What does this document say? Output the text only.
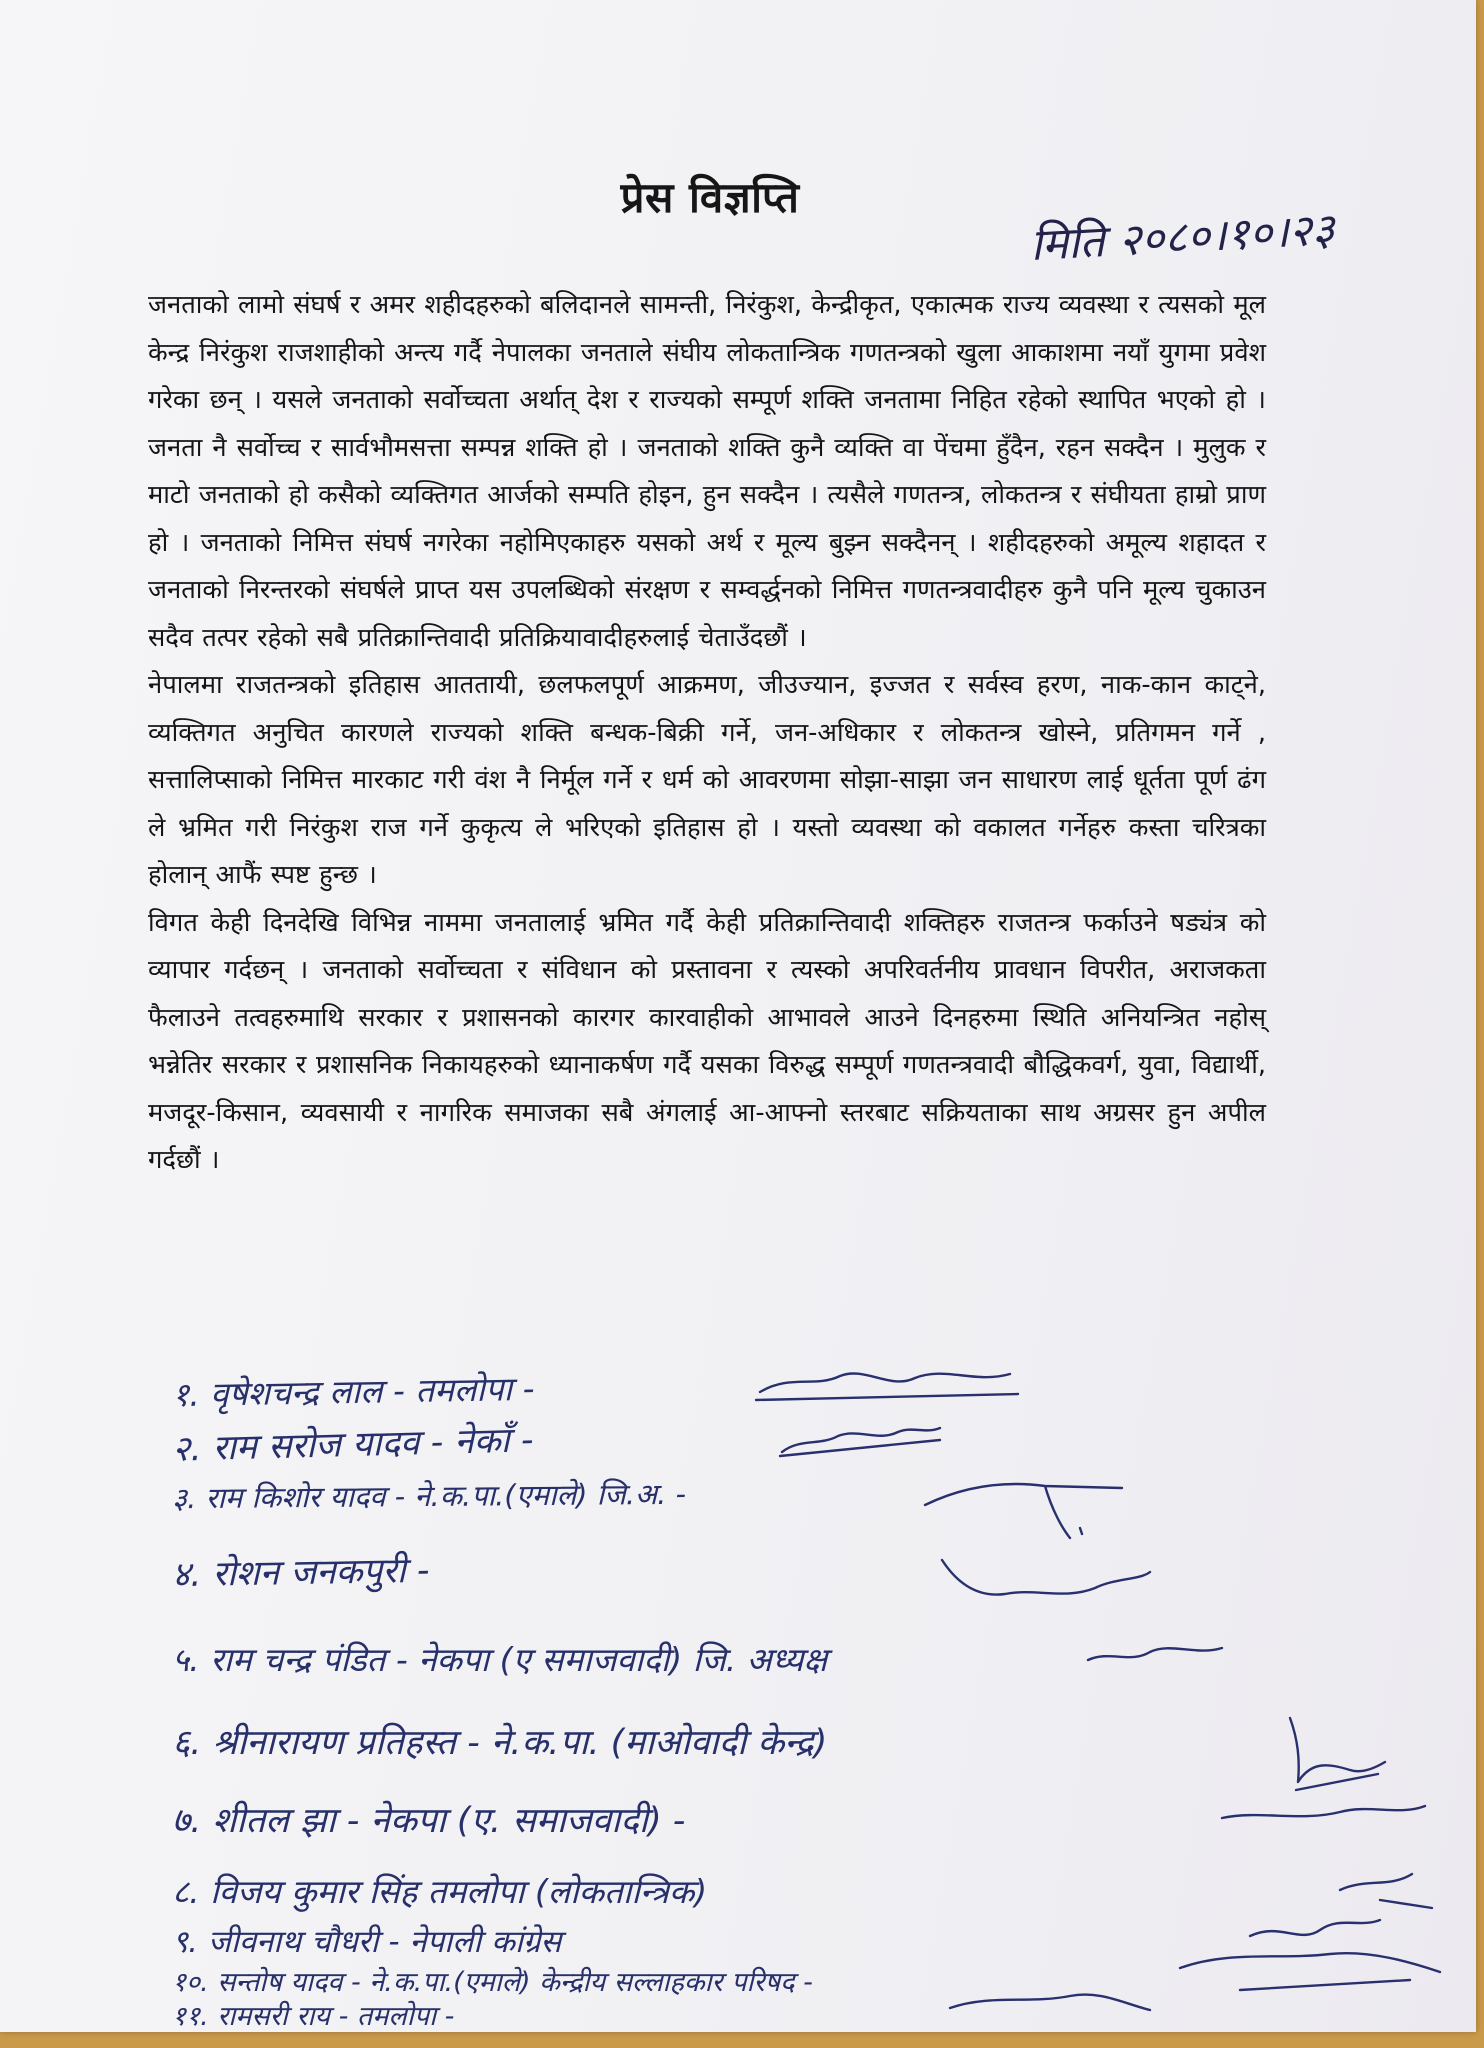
प्रेस विज्ञप्ति
मिति २०८०।१०।२३

जनताको लामो संघर्ष र अमर शहीदहरुको बलिदानले सामन्ती, निरंकुश, केन्द्रीकृत, एकात्मक राज्य व्यवस्था र त्यसको मूल केन्द्र निरंकुश राजशाहीको अन्त्य गर्दै नेपालका जनताले संघीय लोकतान्त्रिक गणतन्त्रको खुला आकाशमा नयाँ युगमा प्रवेश गरेका छन् । यसले जनताको सर्वोच्चता अर्थात् देश र राज्यको सम्पूर्ण शक्ति जनतामा निहित रहेको स्थापित भएको हो । जनता नै सर्वोच्च र सार्वभौमसत्ता सम्पन्न शक्ति हो । जनताको शक्ति कुनै व्यक्ति वा पेंचमा हुँदैन, रहन सक्दैन । मुलुक र माटो जनताको हो कसैको व्यक्तिगत आर्जको सम्पति होइन, हुन सक्दैन । त्यसैले गणतन्त्र, लोकतन्त्र र संघीयता हाम्रो प्राण हो । जनताको निमित्त संघर्ष नगरेका नहोमिएकाहरु यसको अर्थ र मूल्य बुझ्न सक्दैनन् । शहीदहरुको अमूल्य शहादत र जनताको निरन्तरको संघर्षले प्राप्त यस उपलब्धिको संरक्षण र सम्वर्द्धनको निमित्त गणतन्त्रवादीहरु कुनै पनि मूल्य चुकाउन सदैव तत्पर रहेको सबै प्रतिक्रान्तिवादी प्रतिक्रियावादीहरुलाई चेताउँदछौं ।

नेपालमा राजतन्त्रको इतिहास आततायी, छलफलपूर्ण आक्रमण, जीउज्यान, इज्जत र सर्वस्व हरण, नाक-कान काट्ने, व्यक्तिगत अनुचित कारणले राज्यको शक्ति बन्धक-बिक्री गर्ने, जन-अधिकार र लोकतन्त्र खोस्ने, प्रतिगमन गर्ने , सत्तालिप्साको निमित्त मारकाट गरी वंश नै निर्मूल गर्ने र धर्म को आवरणमा सोझा-साझा जन साधारण लाई धूर्तता पूर्ण ढंग ले भ्रमित गरी निरंकुश राज गर्ने कुकृत्य ले भरिएको इतिहास हो । यस्तो व्यवस्था को वकालत गर्नेहरु कस्ता चरित्रका होलान् आफैं स्पष्ट हुन्छ ।

विगत केही दिनदेखि विभिन्न नाममा जनतालाई भ्रमित गर्दै केही प्रतिक्रान्तिवादी शक्तिहरु राजतन्त्र फर्काउने षड्यंत्र को व्यापार गर्दछन् । जनताको सर्वोच्चता र संविधान को प्रस्तावना र त्यस्को अपरिवर्तनीय प्रावधान विपरीत, अराजकता फैलाउने तत्वहरुमाथि सरकार र प्रशासनको कारगर कारवाहीको आभावले आउने दिनहरुमा स्थिति अनियन्त्रित नहोस् भन्नेतिर सरकार र प्रशासनिक निकायहरुको ध्यानाकर्षण गर्दै यसका विरुद्ध सम्पूर्ण गणतन्त्रवादी बौद्धिकवर्ग, युवा, विद्यार्थी, मजदूर-किसान, व्यवसायी र नागरिक समाजका सबै अंगलाई आ-आफ्नो स्तरबाट सक्रियताका साथ अग्रसर हुन अपील गर्दछौं ।

१. वृषेशचन्द्र लाल - तमलोपा -
२. राम सरोज यादव - नेकाँ -
३. राम किशोर यादव - ने.क.पा.(एमाले) जि.अ. -
४. रोशन जनकपुरी -
५. राम चन्द्र पंडित - नेकपा (ए समाजवादी) जि. अध्यक्ष
६. श्रीनारायण प्रतिहस्त - ने.क.पा. (माओवादी केन्द्र)
७. शीतल झा - नेकपा (ए. समाजवादी) -
८. विजय कुमार सिंह तमलोपा (लोकतान्त्रिक)
९. जीवनाथ चौधरी - नेपाली कांग्रेस
१०. सन्तोष यादव - ने.क.पा.(एमाले) केन्द्रीय सल्लाहकार परिषद -
११. रामसरी राय - तमलोपा -
